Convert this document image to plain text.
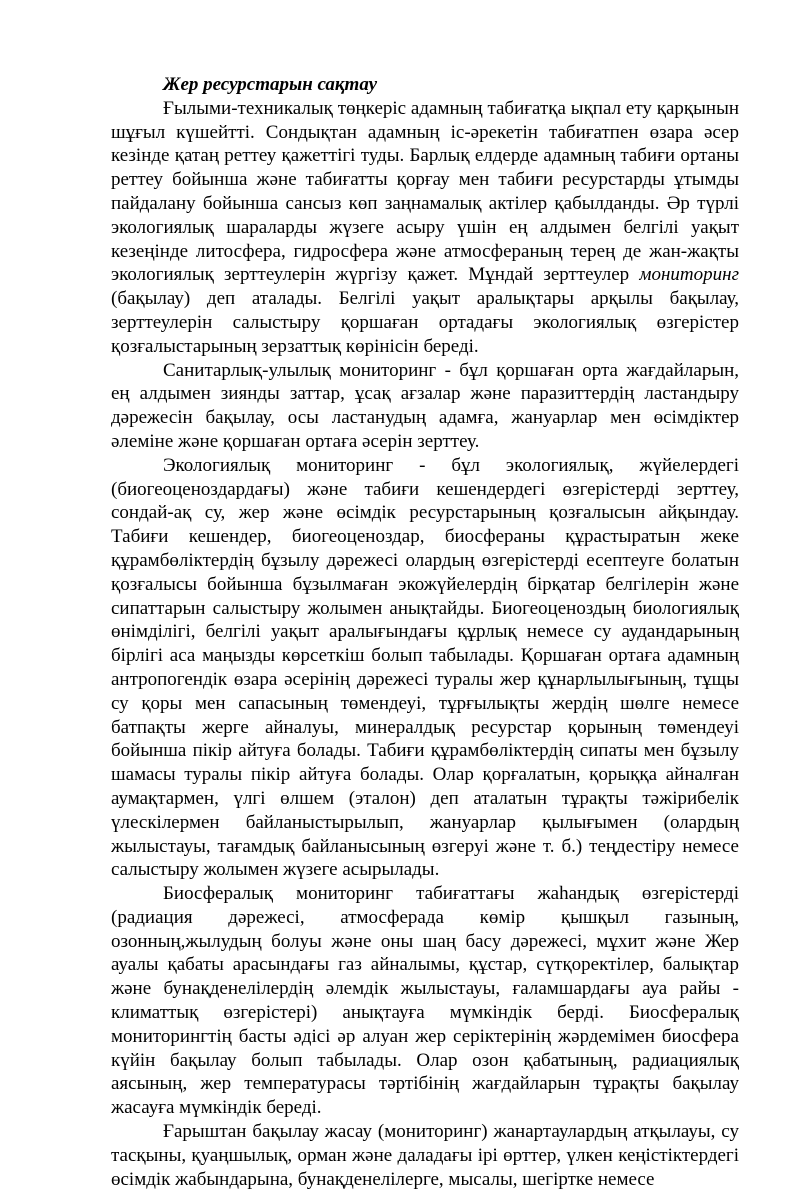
Жер ресурстарын сақтау

Ғылыми-техникалық төңкеріс адамның табиғатқа ықпал ету қарқынын шұғыл күшейтті. Сондықтан адамның іс-әрекетін табиғатпен өзара әсер кезінде қатаң реттеу қажеттігі туды. Барлық елдерде адамның табиғи ортаны реттеу бойынша және табиғатты қорғау мен табиғи ресурстарды ұтымды пайдалану бойынша сансыз көп заңнамалық актілер қабылданды. Әр түрлі экологиялық шараларды жүзеге асыру үшін ең алдымен белгілі уақыт кезеңінде литосфера, гидросфера және атмосфераның терең де жан-жақты экологиялық зерттеулерін жүргізу қажет. Мұндай зерттеулер мониторинг (бақылау) деп аталады. Белгілі уақыт аралықтары арқылы бақылау, зерттеулерін салыстыру қоршаған ортадағы экологиялық өзгерістер қозғалыстарының зерзаттық көрінісін береді.

Санитарлық-улылық мониторинг - бұл қоршаған орта жағдайларын, ең алдымен зиянды заттар, ұсақ ағзалар және паразиттердің ластандыру дәрежесін бақылау, осы ластанудың адамға, жануарлар мен өсімдіктер әлеміне және қоршаған ортаға әсерін зерттеу.

Экологиялық мониторинг - бұл экологиялық, жүйелердегі (биогеоценоздардағы) және табиғи кешендердегі өзгерістерді зерттеу, сондай-ақ су, жер және өсімдік ресурстарының қозғалысын айқындау. Табиғи кешендер, биогеоценоздар, биосфераны құрастыратын жеке құрамбөліктердің бұзылу дәрежесі олардың өзгерістерді есептеуге болатын қозғалысы бойынша бұзылмаған экожүйелердің бірқатар белгілерін және сипаттарын салыстыру жолымен анықтайды. Биогеоценоздың биологиялық өнімділігі, белгілі уақыт аралығындағы құрлық немесе су аудандарының бірлігі аса маңызды көрсеткіш болып табылады. Қоршаған ортаға адамның антропогендік өзара әсерінің дәрежесі туралы жер құнарлылығының, тұщы су қоры мен сапасының төмендеуі, тұрғылықты жердің шөлге немесе батпақты жерге айналуы, минералдық ресурстар қорының төмендеуі бойынша пікір айтуға болады. Табиғи құрамбөліктердің сипаты мен бұзылу шамасы туралы пікір айтуға болады. Олар қорғалатын, қорыққа айналған аумақтармен, үлгі өлшем (эталон) деп аталатын тұрақты тәжірибелік үлескілермен байланыстырылып, жануарлар қылығымен (олардың жылыстауы, тағамдық байланысының өзгеруі және т. б.) теңдестіру немесе салыстыру жолымен жүзеге асырылады.

Биосфералық мониторинг табиғаттағы жаһандық өзгерістерді (радиация дәрежесі, атмосферада көмір қышқыл газының, озонның,жылудың болуы және оны шаң басу дәрежесі, мұхит және Жер ауалы қабаты арасындағы газ айналымы, құстар, сүтқоректілер, балықтар және бунақденелілердің әлемдік жылыстауы, ғаламшардағы ауа райы - климаттық өзгерістері) анықтауға мүмкіндік берді. Биосфералық мониторингтің басты әдісі әр алуан жер серіктерінің жәрдемімен биосфера күйін бақылау болып табылады. Олар озон қабатының, радиациялық аясының, жер температурасы тәртібінің жағдайларын тұрақты бақылау жасауға мүмкіндік береді.

Ғарыштан бақылау жасау (мониторинг) жанартаулардың атқылауы, су тасқыны, қуаңшылық, орман және даладағы ірі өрттер, үлкен кеңістіктердегі өсімдік жабындарына, бунақденелілерге, мысалы, шегіртке немесе
